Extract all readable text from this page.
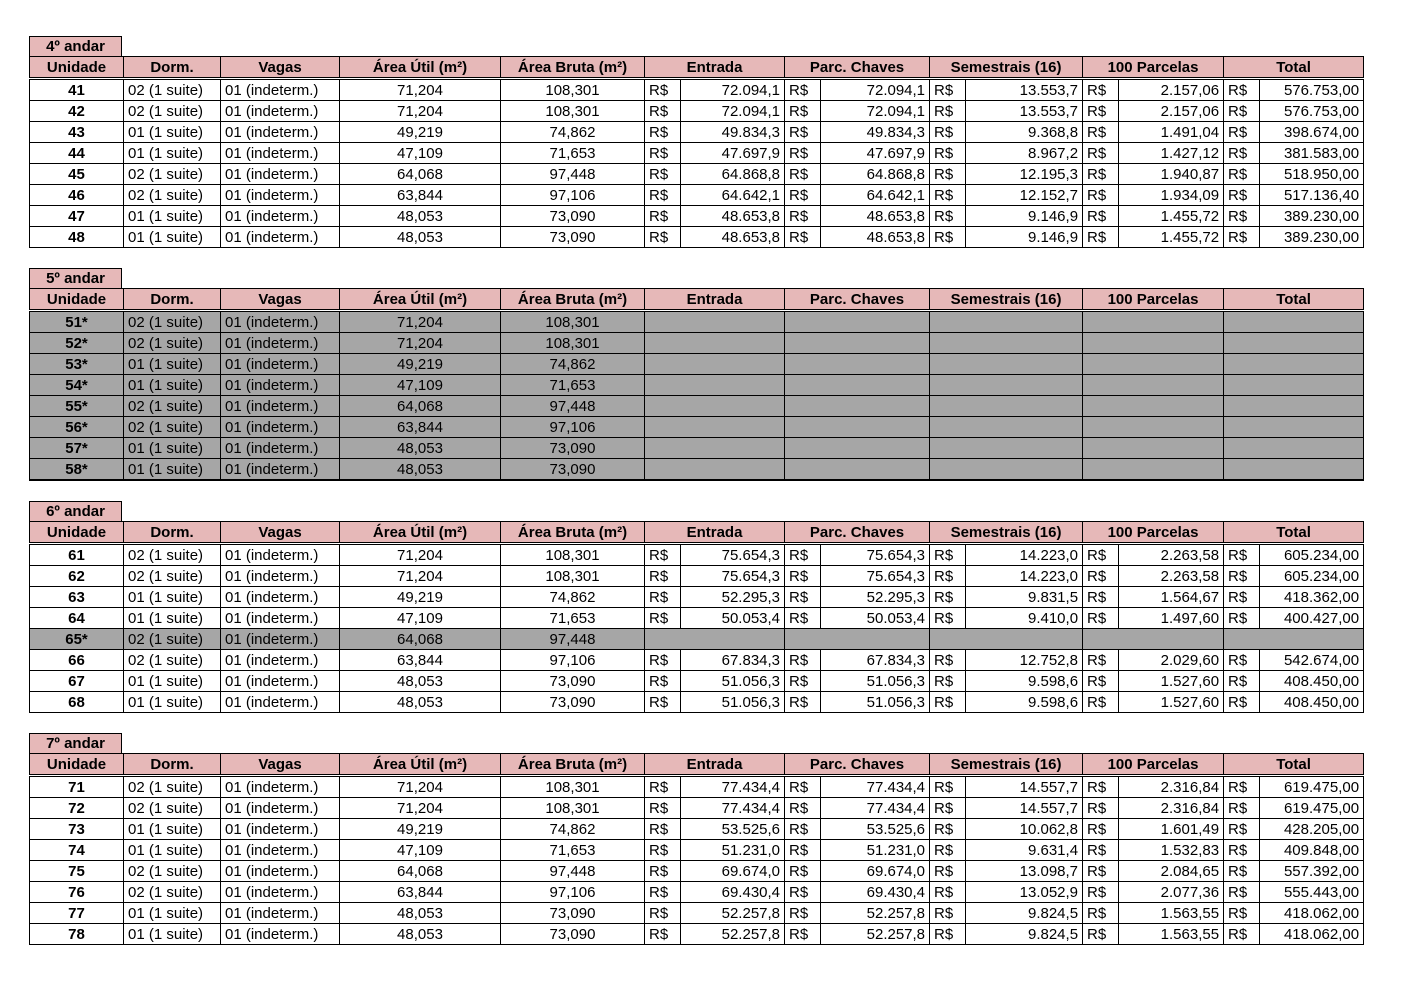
4º andar
Unidade	Dorm.	Vagas	Área Útil (m²)	Área Bruta (m²)	Entrada		Parc. Chaves		Semestrais (16)		100 Parcelas		Total	
41	02 (1 suite)	01 (indeterm.)	71,204	108,301	R$	72.094,1	R$	72.094,1	R$	13.553,7	R$	2.157,06	R$	576.753,00
42	02 (1 suite)	01 (indeterm.)	71,204	108,301	R$	72.094,1	R$	72.094,1	R$	13.553,7	R$	2.157,06	R$	576.753,00
43	01 (1 suite)	01 (indeterm.)	49,219	74,862	R$	49.834,3	R$	49.834,3	R$	9.368,8	R$	1.491,04	R$	398.674,00
44	01 (1 suite)	01 (indeterm.)	47,109	71,653	R$	47.697,9	R$	47.697,9	R$	8.967,2	R$	1.427,12	R$	381.583,00
45	02 (1 suite)	01 (indeterm.)	64,068	97,448	R$	64.868,8	R$	64.868,8	R$	12.195,3	R$	1.940,87	R$	518.950,00
46	02 (1 suite)	01 (indeterm.)	63,844	97,106	R$	64.642,1	R$	64.642,1	R$	12.152,7	R$	1.934,09	R$	517.136,40
47	01 (1 suite)	01 (indeterm.)	48,053	73,090	R$	48.653,8	R$	48.653,8	R$	9.146,9	R$	1.455,72	R$	389.230,00
48	01 (1 suite)	01 (indeterm.)	48,053	73,090	R$	48.653,8	R$	48.653,8	R$	9.146,9	R$	1.455,72	R$	389.230,00
5º andar
Unidade	Dorm.	Vagas	Área Útil (m²)	Área Bruta (m²)	Entrada	Parc. Chaves	Semestrais (16)	100 Parcelas	Total
51*	02 (1 suite)	01 (indeterm.)	71,204	108,301					
52*	02 (1 suite)	01 (indeterm.)	71,204	108,301					
53*	01 (1 suite)	01 (indeterm.)	49,219	74,862					
54*	01 (1 suite)	01 (indeterm.)	47,109	71,653					
55*	02 (1 suite)	01 (indeterm.)	64,068	97,448					
56*	02 (1 suite)	01 (indeterm.)	63,844	97,106					
57*	01 (1 suite)	01 (indeterm.)	48,053	73,090					
58*	01 (1 suite)	01 (indeterm.)	48,053	73,090					
6º andar
Unidade	Dorm.	Vagas	Área Útil (m²)	Área Bruta (m²)	Entrada		Parc. Chaves		Semestrais (16)		100 Parcelas		Total	
61	02 (1 suite)	01 (indeterm.)	71,204	108,301	R$	75.654,3	R$	75.654,3	R$	14.223,0	R$	2.263,58	R$	605.234,00
62	02 (1 suite)	01 (indeterm.)	71,204	108,301	R$	75.654,3	R$	75.654,3	R$	14.223,0	R$	2.263,58	R$	605.234,00
63	01 (1 suite)	01 (indeterm.)	49,219	74,862	R$	52.295,3	R$	52.295,3	R$	9.831,5	R$	1.564,67	R$	418.362,00
64	01 (1 suite)	01 (indeterm.)	47,109	71,653	R$	50.053,4	R$	50.053,4	R$	9.410,0	R$	1.497,60	R$	400.427,00
65*	02 (1 suite)	01 (indeterm.)	64,068	97,448										
66	02 (1 suite)	01 (indeterm.)	63,844	97,106	R$	67.834,3	R$	67.834,3	R$	12.752,8	R$	2.029,60	R$	542.674,00
67	01 (1 suite)	01 (indeterm.)	48,053	73,090	R$	51.056,3	R$	51.056,3	R$	9.598,6	R$	1.527,60	R$	408.450,00
68	01 (1 suite)	01 (indeterm.)	48,053	73,090	R$	51.056,3	R$	51.056,3	R$	9.598,6	R$	1.527,60	R$	408.450,00
7º andar
Unidade	Dorm.	Vagas	Área Útil (m²)	Área Bruta (m²)	Entrada		Parc. Chaves		Semestrais (16)		100 Parcelas		Total	
71	02 (1 suite)	01 (indeterm.)	71,204	108,301	R$	77.434,4	R$	77.434,4	R$	14.557,7	R$	2.316,84	R$	619.475,00
72	02 (1 suite)	01 (indeterm.)	71,204	108,301	R$	77.434,4	R$	77.434,4	R$	14.557,7	R$	2.316,84	R$	619.475,00
73	01 (1 suite)	01 (indeterm.)	49,219	74,862	R$	53.525,6	R$	53.525,6	R$	10.062,8	R$	1.601,49	R$	428.205,00
74	01 (1 suite)	01 (indeterm.)	47,109	71,653	R$	51.231,0	R$	51.231,0	R$	9.631,4	R$	1.532,83	R$	409.848,00
75	02 (1 suite)	01 (indeterm.)	64,068	97,448	R$	69.674,0	R$	69.674,0	R$	13.098,7	R$	2.084,65	R$	557.392,00
76	02 (1 suite)	01 (indeterm.)	63,844	97,106	R$	69.430,4	R$	69.430,4	R$	13.052,9	R$	2.077,36	R$	555.443,00
77	01 (1 suite)	01 (indeterm.)	48,053	73,090	R$	52.257,8	R$	52.257,8	R$	9.824,5	R$	1.563,55	R$	418.062,00
78	01 (1 suite)	01 (indeterm.)	48,053	73,090	R$	52.257,8	R$	52.257,8	R$	9.824,5	R$	1.563,55	R$	418.062,00
